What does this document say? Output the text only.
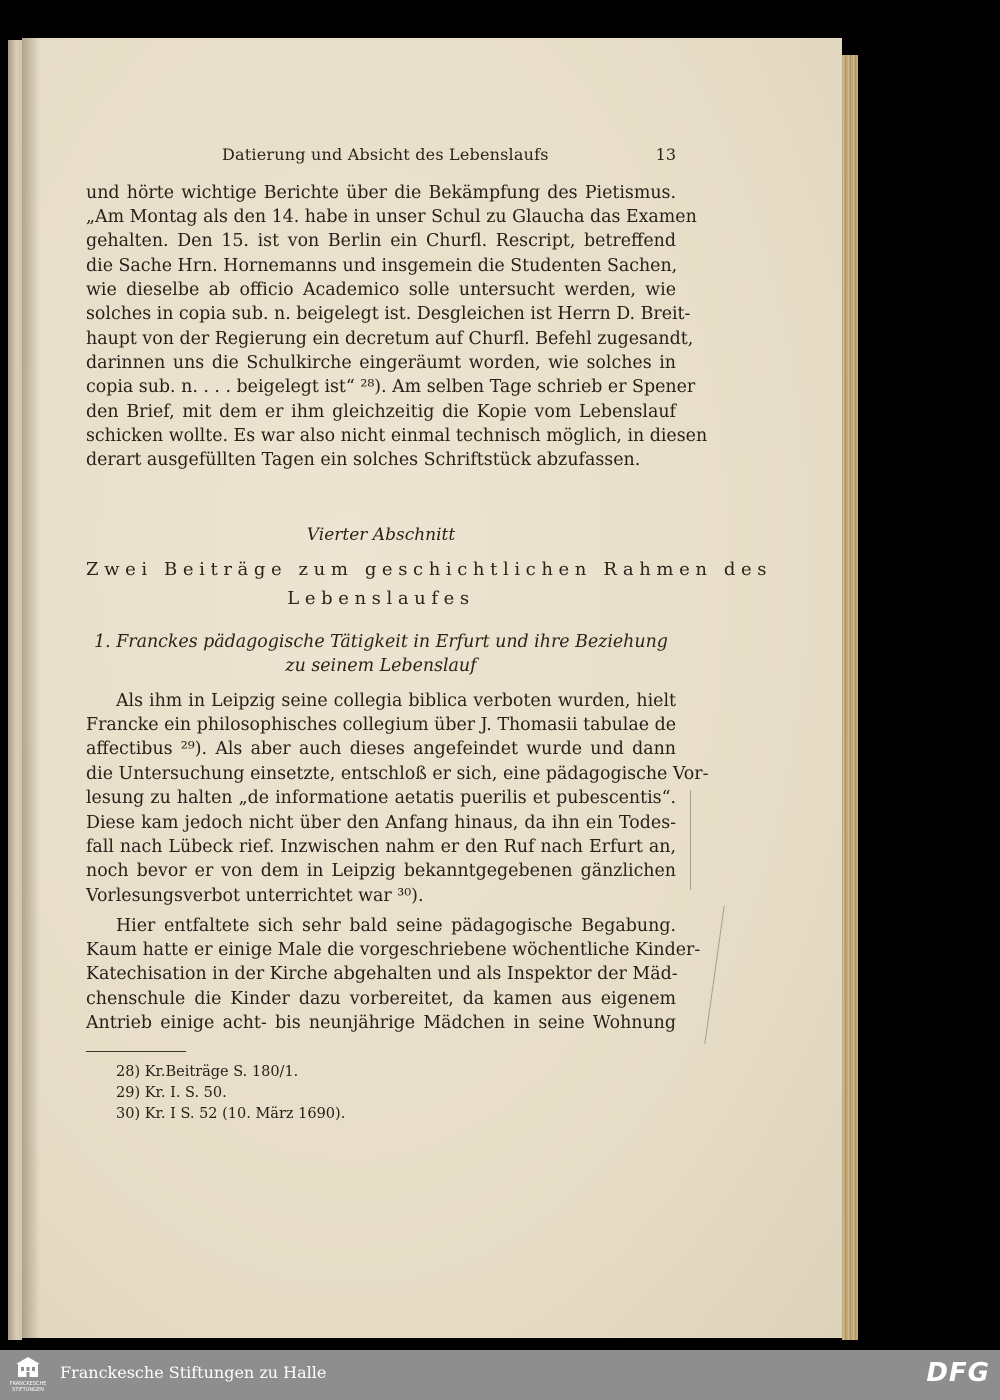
Datierung und Absicht des Lebenslaufs	13
und hörte wichtige Berichte über die Bekämpfung des Pietismus.
„Am Montag als den 14. habe in unser Schul zu Glaucha das Examen
gehalten. Den 15. ist von Berlin ein Churfl. Rescript, betreffend
die Sache Hrn. Hornemanns und insgemein die Studenten Sachen,
wie dieselbe ab officio Academico solle untersucht werden, wie
solches in copia sub. n. beigelegt ist. Desgleichen ist Herrn D. Breit-
haupt von der Regierung ein decretum auf Churfl. Befehl zugesandt,
darinnen uns die Schulkirche eingeräumt worden, wie solches in
copia sub. n. . . . beigelegt ist“ ²⁸). Am selben Tage schrieb er Spener
den Brief, mit dem er ihm gleichzeitig die Kopie vom Lebenslauf
schicken wollte. Es war also nicht einmal technisch möglich, in diesen
derart ausgefüllten Tagen ein solches Schriftstück abzufassen.
Vierter Abschnitt
Zwei Beiträge zum geschichtlichen Rahmen des
Lebenslaufes
1. Franckes pädagogische Tätigkeit in Erfurt und ihre Beziehung
zu seinem Lebenslauf
Als ihm in Leipzig seine collegia biblica verboten wurden, hielt
Francke ein philosophisches collegium über J. Thomasii tabulae de
affectibus ²⁹). Als aber auch dieses angefeindet wurde und dann
die Untersuchung einsetzte, entschloß er sich, eine pädagogische Vor-
lesung zu halten „de informatione aetatis puerilis et pubescentis“.
Diese kam jedoch nicht über den Anfang hinaus, da ihn ein Todes-
fall nach Lübeck rief. Inzwischen nahm er den Ruf nach Erfurt an,
noch bevor er von dem in Leipzig bekanntgegebenen gänzlichen
Vorlesungsverbot unterrichtet war ³⁰).
Hier entfaltete sich sehr bald seine pädagogische Begabung.
Kaum hatte er einige Male die vorgeschriebene wöchentliche Kinder-
Katechisation in der Kirche abgehalten und als Inspektor der Mäd-
chenschule die Kinder dazu vorbereitet, da kamen aus eigenem
Antrieb einige acht- bis neunjährige Mädchen in seine Wohnung
28) Kr.Beiträge S. 180/1.
29) Kr. I. S. 50.
30) Kr. I S. 52 (10. März 1690).
FRANCKESCHE
STIFTUNGEN
Franckesche Stiftungen zu Halle	DFG
